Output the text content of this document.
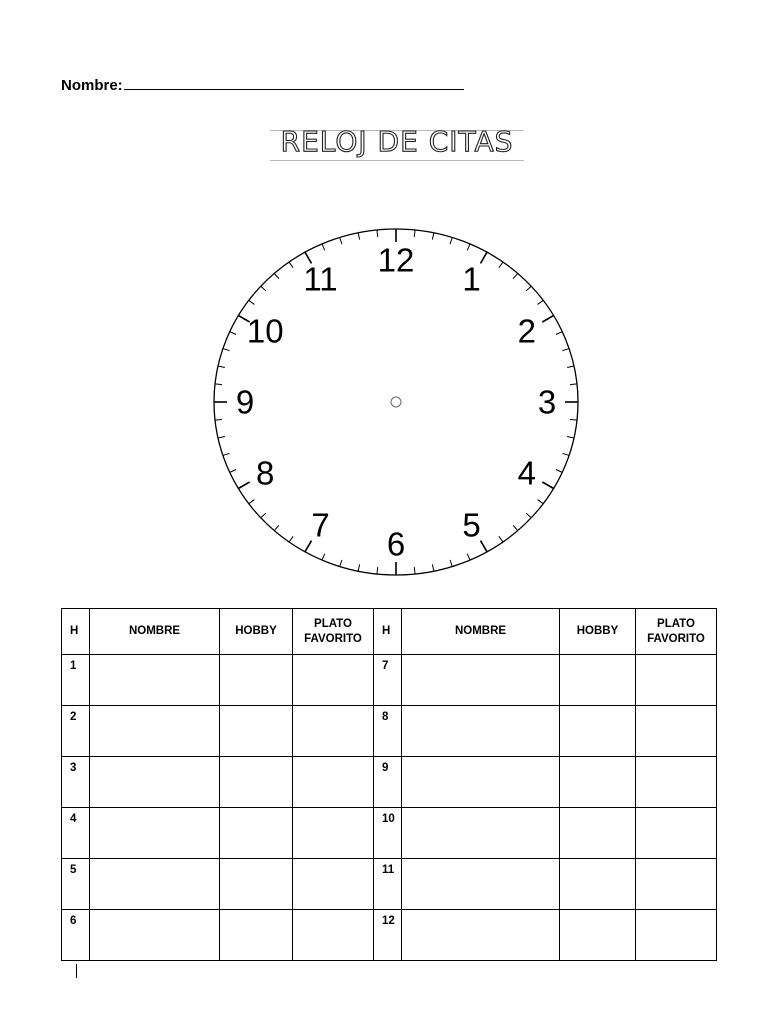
Nombre:
RELOJ DE CITAS
12
1
2
3
4
5
6
7
8
9
10
11
H	NOMBRE	HOBBY	PLATO FAVORITO	H	NOMBRE	HOBBY	PLATO FAVORITO
1				7			
2				8			
3				9			
4				10			
5				11			
6				12			
